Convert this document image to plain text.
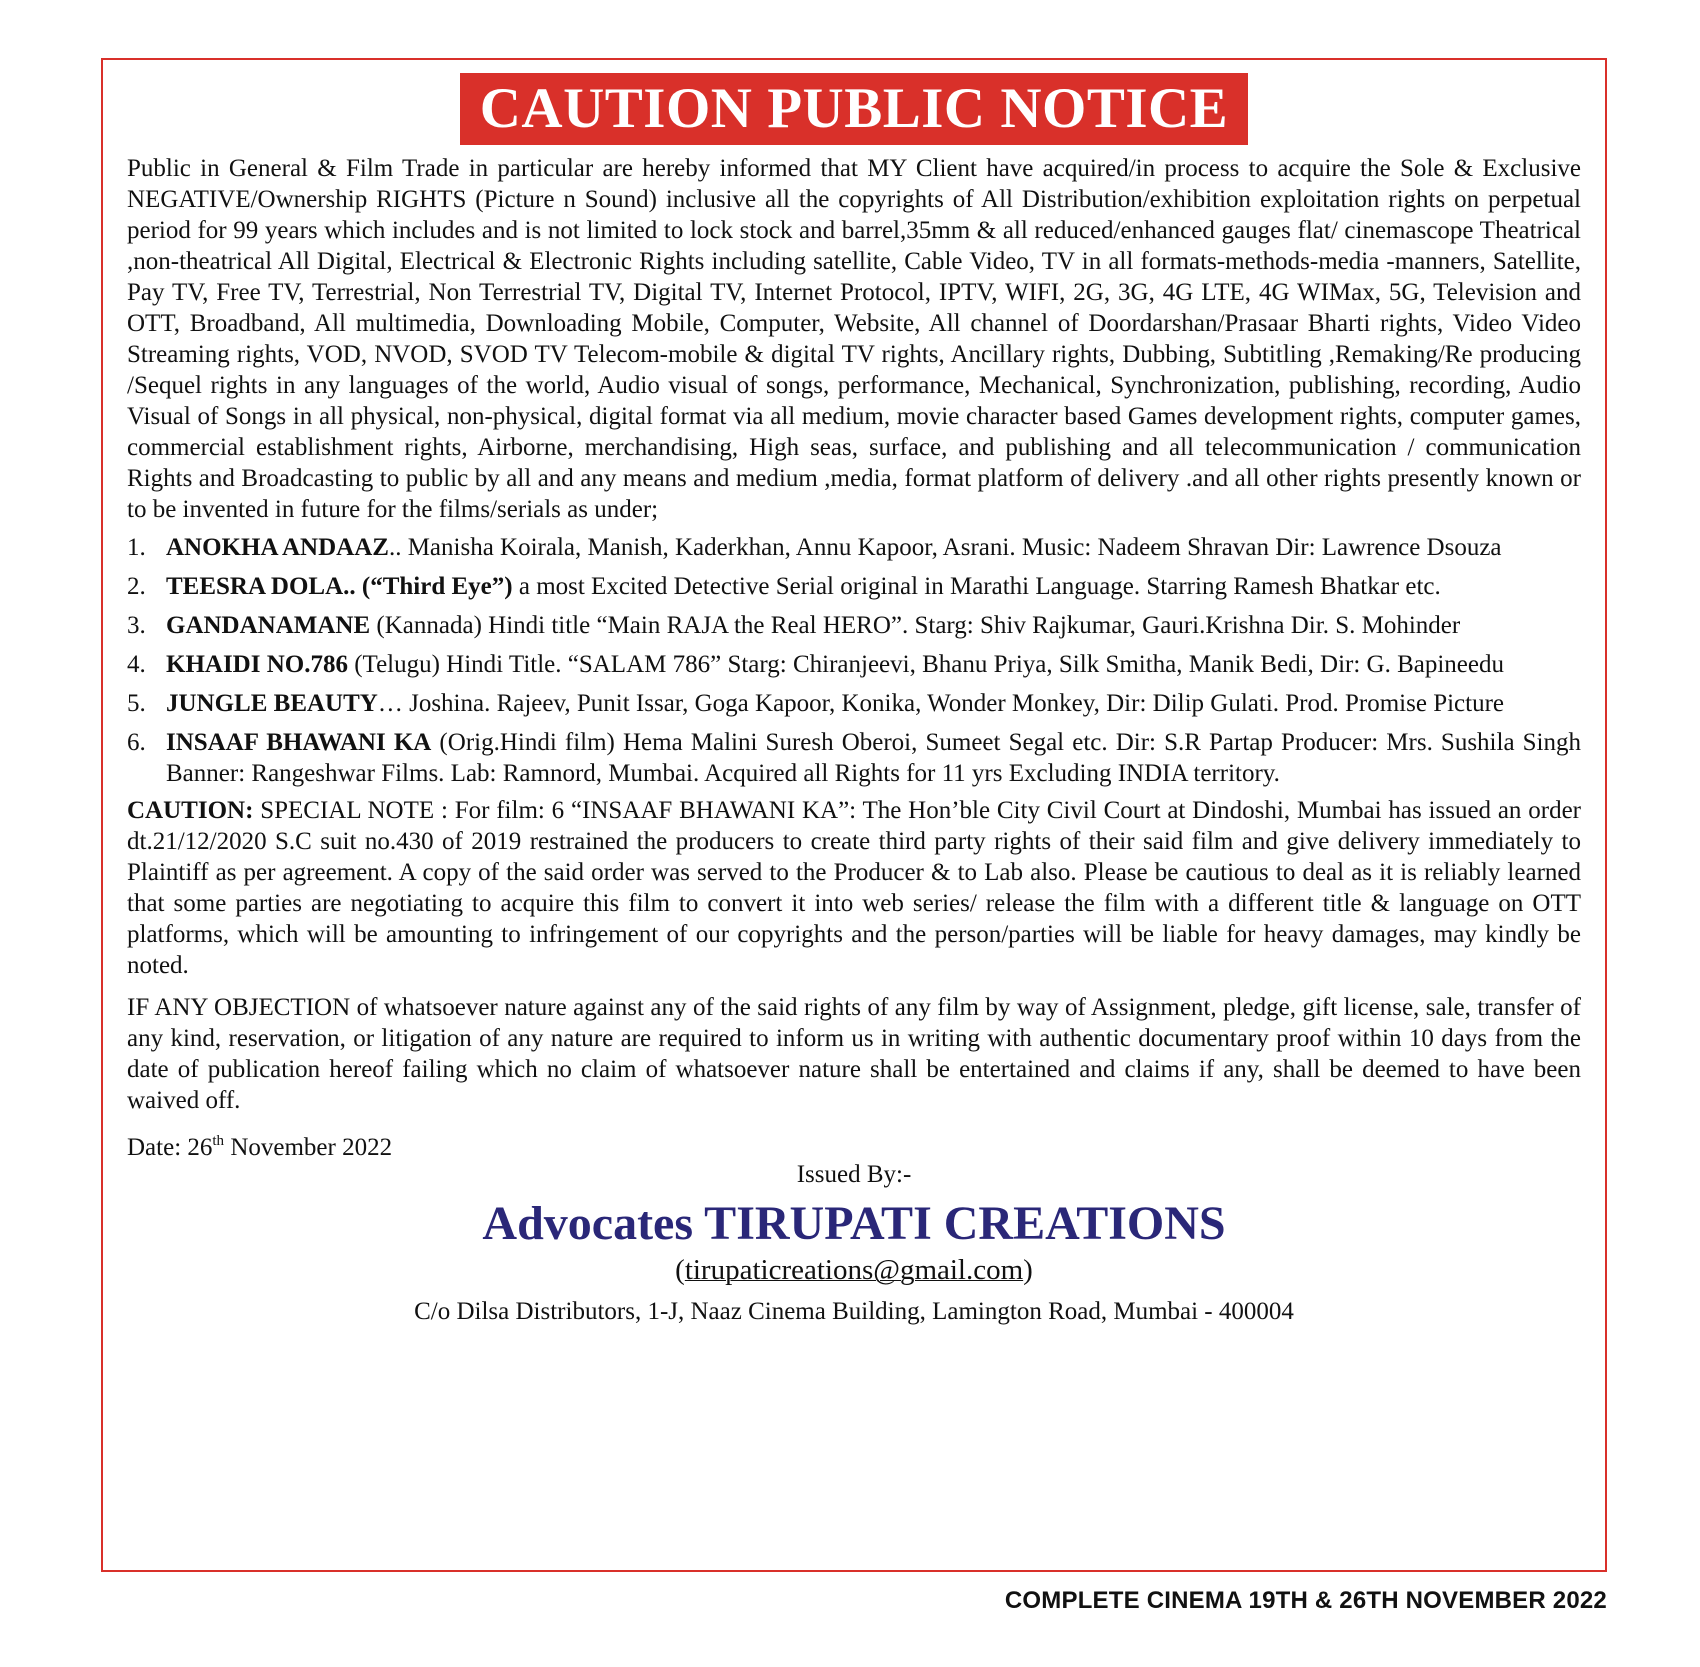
CAUTION PUBLIC NOTICE

Public in General & Film Trade in particular are hereby informed that MY Client have acquired/in process to acquire the Sole & Exclusive NEGATIVE/Ownership RIGHTS (Picture n Sound) inclusive all the copyrights of All Distribution/exhibition exploitation rights on perpetual period for 99 years which includes and is not limited to lock stock and barrel,35mm & all reduced/enhanced gauges flat/ cinemascope Theatrical ,non-theatrical All Digital, Electrical & Electronic Rights including satellite, Cable Video, TV in all formats-methods-media -manners, Satellite, Pay TV, Free TV, Terrestrial, Non Terrestrial TV, Digital TV, Internet Protocol, IPTV, WIFI, 2G, 3G, 4G LTE, 4G WIMax, 5G, Television and OTT, Broadband, All multimedia, Downloading Mobile, Computer, Website, All channel of Doordarshan/Prasaar Bharti rights, Video Video Streaming rights, VOD, NVOD, SVOD TV Telecom-mobile & digital TV rights, Ancillary rights, Dubbing, Subtitling ,Remaking/Re producing /Sequel rights in any languages of the world, Audio visual of songs, performance, Mechanical, Synchronization, publishing, recording, Audio Visual of Songs in all physical, non-physical, digital format via all medium, movie character based Games development rights, computer games, commercial establishment rights, Airborne, merchandising, High seas, surface, and publishing and all telecommunication / communication Rights and Broadcasting to public by all and any means and medium ,media, format platform of delivery .and all other rights presently known or to be invented in future for the films/serials as under;

1. ANOKHA ANDAAZ.. Manisha Koirala, Manish, Kaderkhan, Annu Kapoor, Asrani. Music: Nadeem Shravan Dir: Lawrence Dsouza
2. TEESRA DOLA.. (“Third Eye”) a most Excited Detective Serial original in Marathi Language. Starring Ramesh Bhatkar etc.
3. GANDANAMANE (Kannada) Hindi title “Main RAJA the Real HERO”. Starg: Shiv Rajkumar, Gauri.Krishna Dir. S. Mohinder
4. KHAIDI NO.786 (Telugu) Hindi Title. “SALAM 786” Starg: Chiranjeevi, Bhanu Priya, Silk Smitha, Manik Bedi, Dir: G. Bapineedu
5. JUNGLE BEAUTY… Joshina. Rajeev, Punit Issar, Goga Kapoor, Konika, Wonder Monkey, Dir: Dilip Gulati. Prod. Promise Picture
6. INSAAF BHAWANI KA (Orig.Hindi film) Hema Malini Suresh Oberoi, Sumeet Segal etc. Dir: S.R Partap Producer: Mrs. Sushila Singh Banner: Rangeshwar Films. Lab: Ramnord, Mumbai. Acquired all Rights for 11 yrs Excluding INDIA territory.

CAUTION: SPECIAL NOTE : For film: 6 “INSAAF BHAWANI KA”: The Hon’ble City Civil Court at Dindoshi, Mumbai has issued an order dt.21/12/2020 S.C suit no.430 of 2019 restrained the producers to create third party rights of their said film and give delivery immediately to Plaintiff as per agreement. A copy of the said order was served to the Producer & to Lab also. Please be cautious to deal as it is reliably learned that some parties are negotiating to acquire this film to convert it into web series/ release the film with a different title & language on OTT platforms, which will be amounting to infringement of our copyrights and the person/parties will be liable for heavy damages, may kindly be noted.

IF ANY OBJECTION of whatsoever nature against any of the said rights of any film by way of Assignment, pledge, gift license, sale, transfer of any kind, reservation, or litigation of any nature are required to inform us in writing with authentic documentary proof within 10 days from the date of publication hereof failing which no claim of whatsoever nature shall be entertained and claims if any, shall be deemed to have been waived off.

Date: 26th November 2022

Issued By:-

Advocates TIRUPATI CREATIONS

(tirupaticreations@gmail.com)

C/o Dilsa Distributors, 1-J, Naaz Cinema Building, Lamington Road, Mumbai - 400004

COMPLETE CINEMA 19TH & 26TH NOVEMBER 2022
